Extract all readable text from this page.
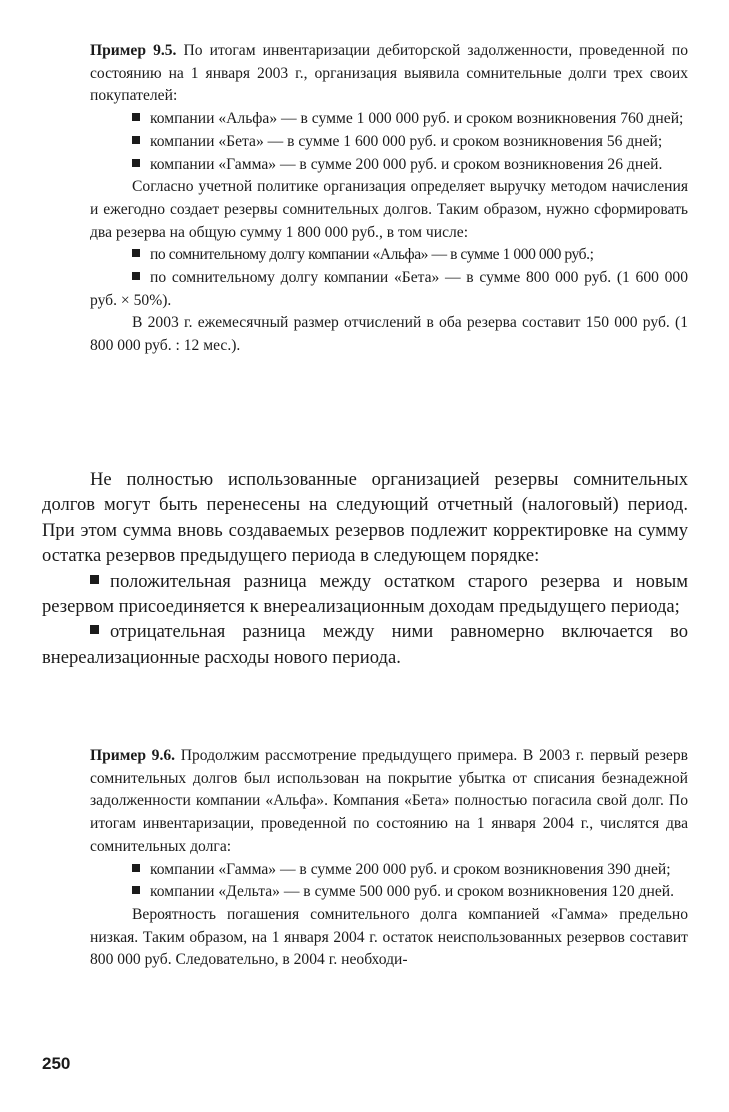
Пример 9.5. По итогам инвентаризации дебиторской задолженности, проведенной по состоянию на 1 января 2003 г., организация выявила сомнительные долги трех своих покупателей:

компании «Альфа» — в сумме 1 000 000 руб. и сроком возникновения 760 дней;

компании «Бета» — в сумме 1 600 000 руб. и сроком возникновения 56 дней;

компании «Гамма» — в сумме 200 000 руб. и сроком возникновения 26 дней.

Согласно учетной политике организация определяет выручку методом начисления и ежегодно создает резервы сомнительных долгов. Таким образом, нужно сформировать два резерва на общую сумму 1 800 000 руб., в том числе:

по сомнительному долгу компании «Альфа» — в сумме 1 000 000 руб.;

по сомнительному долгу компании «Бета» — в сумме 800 000 руб. (1 600 000 руб. × 50%).

В 2003 г. ежемесячный размер отчислений в оба резерва составит 150 000 руб. (1 800 000 руб. : 12 мес.).

Не полностью использованные организацией резервы сомнительных долгов могут быть перенесены на следующий отчетный (налоговый) период. При этом сумма вновь создаваемых резервов подлежит корректировке на сумму остатка резервов предыдущего периода в следующем порядке:

положительная разница между остатком старого резерва и новым резервом присоединяется к внереализационным доходам предыдущего периода;

отрицательная разница между ними равномерно включается во внереализационные расходы нового периода.

Пример 9.6. Продолжим рассмотрение предыдущего примера. В 2003 г. первый резерв сомнительных долгов был использован на покрытие убытка от списания безнадежной задолженности компании «Альфа». Компания «Бета» полностью погасила свой долг. По итогам инвентаризации, проведенной по состоянию на 1 января 2004 г., числятся два сомнительных долга:

компании «Гамма» — в сумме 200 000 руб. и сроком возникновения 390 дней;

компании «Дельта» — в сумме 500 000 руб. и сроком возникновения 120 дней.

Вероятность погашения сомнительного долга компанией «Гамма» предельно низкая. Таким образом, на 1 января 2004 г. остаток неиспользованных резервов составит 800 000 руб. Следовательно, в 2004 г. необходи-

250
